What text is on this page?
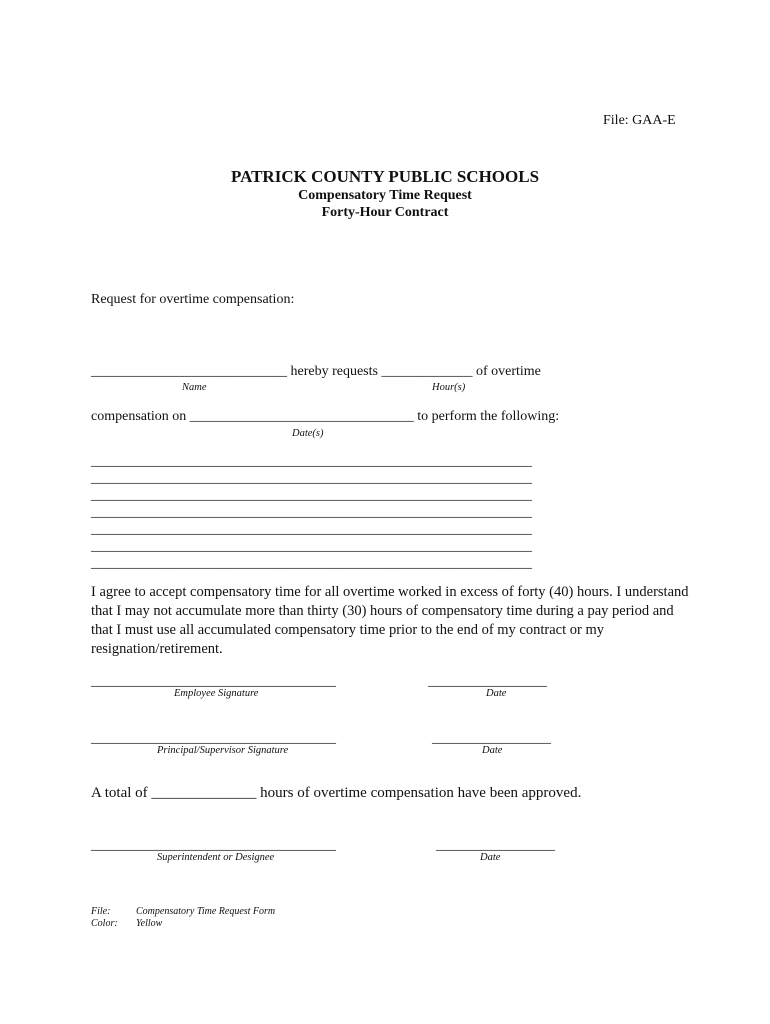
File: GAA-E
PATRICK COUNTY PUBLIC SCHOOLS
Compensatory Time Request
Forty-Hour Contract
Request for overtime compensation:
____________________________ hereby requests _____________ of overtime
Name	Hour(s)
compensation on ________________________________ to perform the following:
Date(s)
_______________________________________________________________
_______________________________________________________________
_______________________________________________________________
_______________________________________________________________
_______________________________________________________________
_______________________________________________________________
_______________________________________________________________
I agree to accept compensatory time for all overtime worked in excess of forty (40) hours. I understand that I may not accumulate more than thirty (30) hours of compensatory time during a pay period and that I must use all accumulated compensatory time prior to the end of my contract or my resignation/retirement.
___________________________________	_________________
Employee Signature	Date
___________________________________	_________________
Principal/Supervisor Signature	Date
A total of ______________ hours of overtime compensation have been approved.
___________________________________	_________________
Superintendent or Designee	Date
File:	Compensatory Time Request Form
Color: Yellow
